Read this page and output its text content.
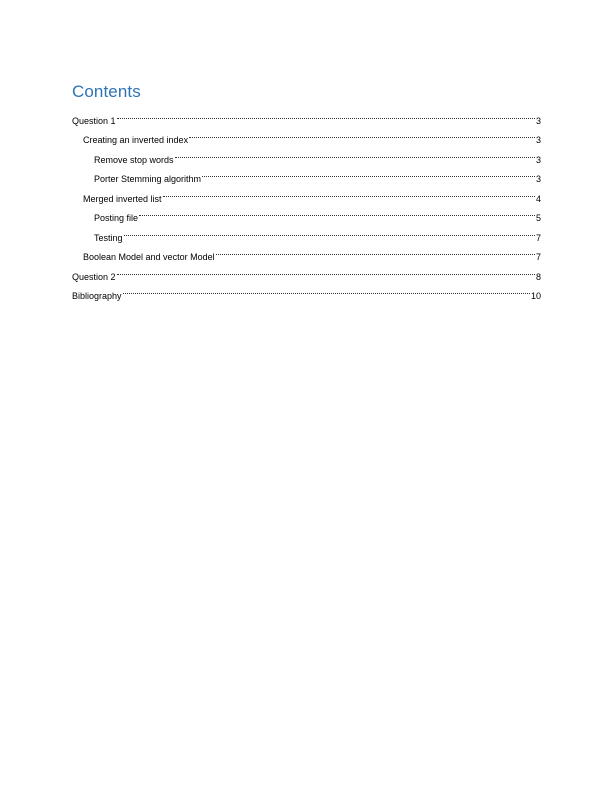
Contents
Question 1	3
Creating an inverted index	3
Remove stop words	3
Porter Stemming algorithm	3
Merged inverted list	4
Posting file	5
Testing	7
Boolean Model and vector Model	7
Question 2	8
Bibliography	10
